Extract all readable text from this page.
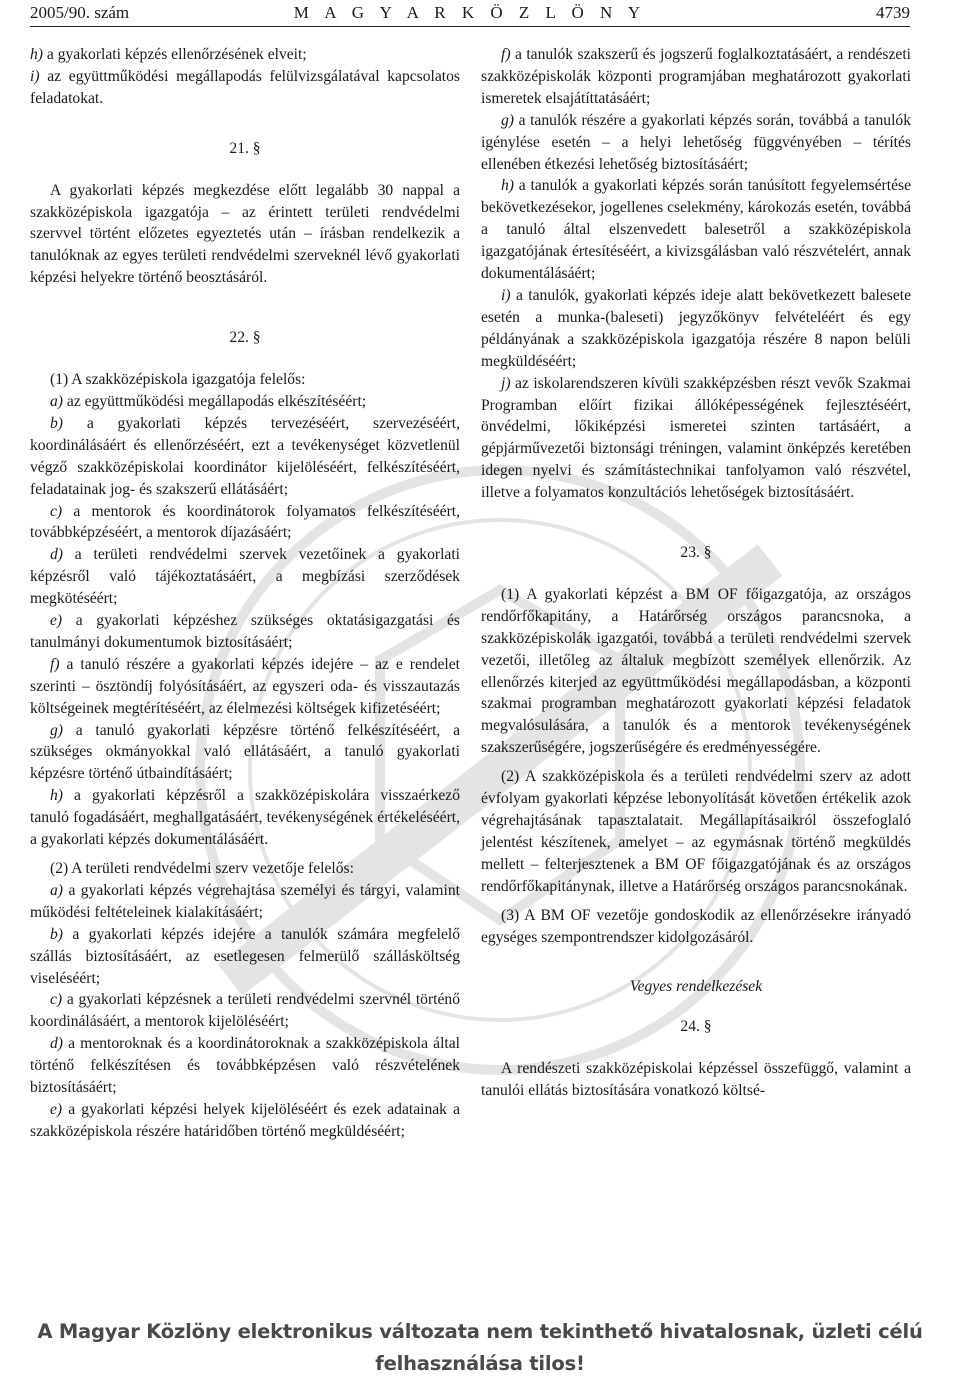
2005/90. szám	M A G Y A R K Ö Z L Ö N Y	4739

h) a gyakorlati képzés ellenőrzésének elveit;

i) az együttműködési megállapodás felülvizsgálatával kapcsolatos feladatokat.

21. §

A gyakorlati képzés megkezdése előtt legalább 30 nappal a szakközépiskola igazgatója – az érintett területi rendvédelmi szervvel történt előzetes egyeztetés után – írásban rendelkezik a tanulóknak az egyes területi rendvédelmi szerveknél lévő gyakorlati képzési helyekre történő beosztásáról.

22. §

(1) A szakközépiskola igazgatója felelős:

a) az együttműködési megállapodás elkészítéséért;

b) a gyakorlati képzés tervezéséért, szervezéséért, koordinálásáért és ellenőrzéséért, ezt a tevékenységet közvetlenül végző szakközépiskolai koordinátor kijelöléséért, felkészítéséért, feladatainak jog- és szakszerű ellátásáért;

c) a mentorok és koordinátorok folyamatos felkészítéséért, továbbképzéséért, a mentorok díjazásáért;

d) a területi rendvédelmi szervek vezetőinek a gyakorlati képzésről való tájékoztatásáért, a megbízási szerződések megkötéséért;

e) a gyakorlati képzéshez szükséges oktatásigazgatási és tanulmányi dokumentumok biztosításáért;

f) a tanuló részére a gyakorlati képzés idejére – az e rendelet szerinti – ösztöndíj folyósításáért, az egyszeri oda- és visszautazás költségeinek megtérítéséért, az élelmezési költségek kifizetéséért;

g) a tanuló gyakorlati képzésre történő felkészítéséért, a szükséges okmányokkal való ellátásáért, a tanuló gyakorlati képzésre történő útbaindításáért;

h) a gyakorlati képzésről a szakközépiskolára visszaérkező tanuló fogadásáért, meghallgatásáért, tevékenységének értékeléséért, a gyakorlati képzés dokumentálásáért.

(2) A területi rendvédelmi szerv vezetője felelős:

a) a gyakorlati képzés végrehajtása személyi és tárgyi, valamint működési feltételeinek kialakításáért;

b) a gyakorlati képzés idejére a tanulók számára megfelelő szállás biztosításáért, az esetlegesen felmerülő szállásköltség viseléséért;

c) a gyakorlati képzésnek a területi rendvédelmi szervnél történő koordinálásáért, a mentorok kijelöléséért;

d) a mentoroknak és a koordinátoroknak a szakközépiskola által történő felkészítésen és továbbképzésen való részvételének biztosításáért;

e) a gyakorlati képzési helyek kijelöléséért és ezek adatainak a szakközépiskola részére határidőben történő megküldéséért;

f) a tanulók szakszerű és jogszerű foglalkoztatásáért, a rendészeti szakközépiskolák központi programjában meghatározott gyakorlati ismeretek elsajátíttatásáért;

g) a tanulók részére a gyakorlati képzés során, továbbá a tanulók igénylése esetén – a helyi lehetőség függvényében – térítés ellenében étkezési lehetőség biztosításáért;

h) a tanulók a gyakorlati képzés során tanúsított fegyelemsértése bekövetkezésekor, jogellenes cselekmény, károkozás esetén, továbbá a tanuló által elszenvedett balesetről a szakközépiskola igazgatójának értesítéséért, a kivizsgálásban való részvételért, annak dokumentálásáért;

i) a tanulók, gyakorlati képzés ideje alatt bekövetkezett balesete esetén a munka-(baleseti) jegyzőkönyv felvételéért és egy példányának a szakközépiskola igazgatója részére 8 napon belüli megküldéséért;

j) az iskolarendszeren kívüli szakképzésben részt vevők Szakmai Programban előírt fizikai állóképességének fejlesztéséért, önvédelmi, lőkiképzési ismeretei szinten tartásáért, a gépjárművezetői biztonsági tréningen, valamint önképzés keretében idegen nyelvi és számítástechnikai tanfolyamon való részvétel, illetve a folyamatos konzultációs lehetőségek biztosításáért.

23. §

(1) A gyakorlati képzést a BM OF főigazgatója, az országos rendőrfőkapitány, a Határőrség országos parancsnoka, a szakközépiskolák igazgatói, továbbá a területi rendvédelmi szervek vezetői, illetőleg az általuk megbízott személyek ellenőrzik. Az ellenőrzés kiterjed az együttműködési megállapodásban, a központi szakmai programban meghatározott gyakorlati képzési feladatok megvalósulására, a tanulók és a mentorok tevékenységének szakszerűségére, jogszerűségére és eredményességére.

(2) A szakközépiskola és a területi rendvédelmi szerv az adott évfolyam gyakorlati képzése lebonyolítását követően értékelik azok végrehajtásának tapasztalatait. Megállapításaikról összefoglaló jelentést készítenek, amelyet – az egymásnak történő megküldés mellett – felterjesztenek a BM OF főigazgatójának és az országos rendőrfőkapitánynak, illetve a Határőrség országos parancsnokának.

(3) A BM OF vezetője gondoskodik az ellenőrzésekre irányadó egységes szempontrendszer kidolgozásáról.

Vegyes rendelkezések

24. §

A rendészeti szakközépiskolai képzéssel összefüggő, valamint a tanulói ellátás biztosítására vonatkozó költsé-

A Magyar Közlöny elektronikus változata nem tekinthető hivatalosnak, üzleti célú felhasználása tilos!
